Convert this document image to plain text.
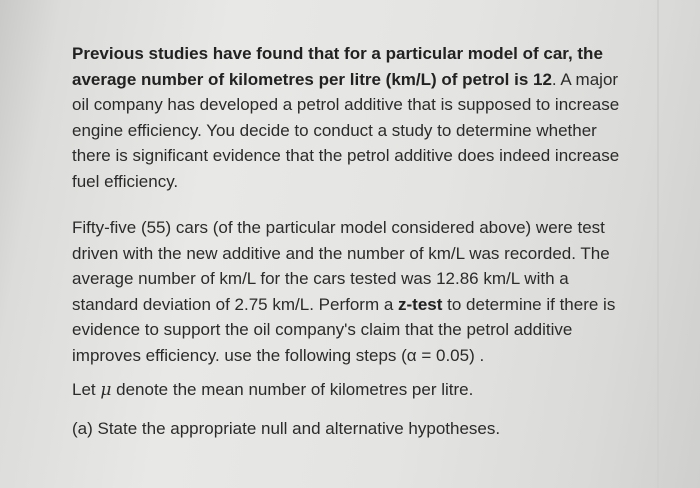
Previous studies have found that for a particular model of car, the
average number of kilometres per litre (km/L) of petrol is 12. A major
oil company has developed a petrol additive that is supposed to increase
engine efficiency. You decide to conduct a study to determine whether
there is significant evidence that the petrol additive does indeed increase
fuel efficiency.

Fifty-five (55) cars (of the particular model considered above) were test
driven with the new additive and the number of km/L was recorded. The
average number of km/L for the cars tested was 12.86 km/L with a
standard deviation of 2.75 km/L. Perform a z-test to determine if there is
evidence to support the oil company's claim that the petrol additive
improves efficiency. use the following steps (α = 0.05) .

Let μ denote the mean number of kilometres per litre.

(a) State the appropriate null and alternative hypotheses.
